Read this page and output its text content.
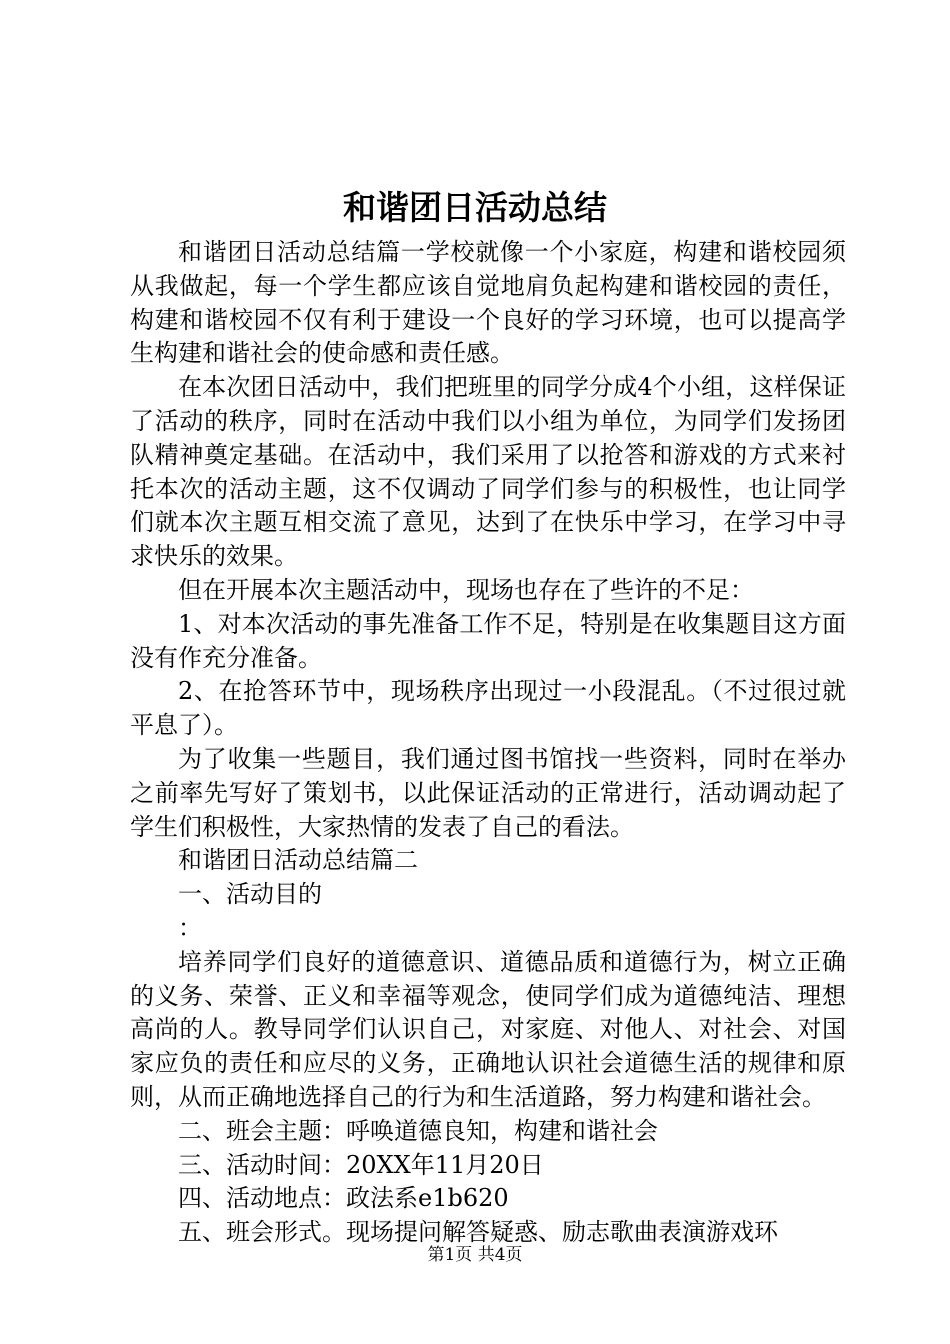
和谐团日活动总结

和谐团日活动总结篇一学校就像一个小家庭，构建和谐校园须从我做起，每一个学生都应该自觉地肩负起构建和谐校园的责任，构建和谐校园不仅有利于建设一个良好的学习环境，也可以提高学生构建和谐社会的使命感和责任感。

在本次团日活动中，我们把班里的同学分成4个小组，这样保证了活动的秩序，同时在活动中我们以小组为单位，为同学们发扬团队精神奠定基础。在活动中，我们采用了以抢答和游戏的方式来衬托本次的活动主题，这不仅调动了同学们参与的积极性，也让同学们就本次主题互相交流了意见，达到了在快乐中学习，在学习中寻求快乐的效果。

但在开展本次主题活动中，现场也存在了些许的不足：

1、对本次活动的事先准备工作不足，特别是在收集题目这方面没有作充分准备。

2、在抢答环节中，现场秩序出现过一小段混乱。（不过很过就平息了）。

为了收集一些题目，我们通过图书馆找一些资料，同时在举办之前率先写好了策划书，以此保证活动的正常进行，活动调动起了学生们积极性，大家热情的发表了自己的看法。

和谐团日活动总结篇二

一、活动目的

：

培养同学们良好的道德意识、道德品质和道德行为，树立正确的义务、荣誉、正义和幸福等观念，使同学们成为道德纯洁、理想高尚的人。教导同学们认识自己，对家庭、对他人、对社会、对国家应负的责任和应尽的义务，正确地认识社会道德生活的规律和原则，从而正确地选择自己的行为和生活道路，努力构建和谐社会。

二、班会主题：呼唤道德良知，构建和谐社会

三、活动时间：20XX年11月20日

四、活动地点：政法系e1b620

五、班会形式。现场提问解答疑惑、励志歌曲表演游戏环

第1页 共4页
